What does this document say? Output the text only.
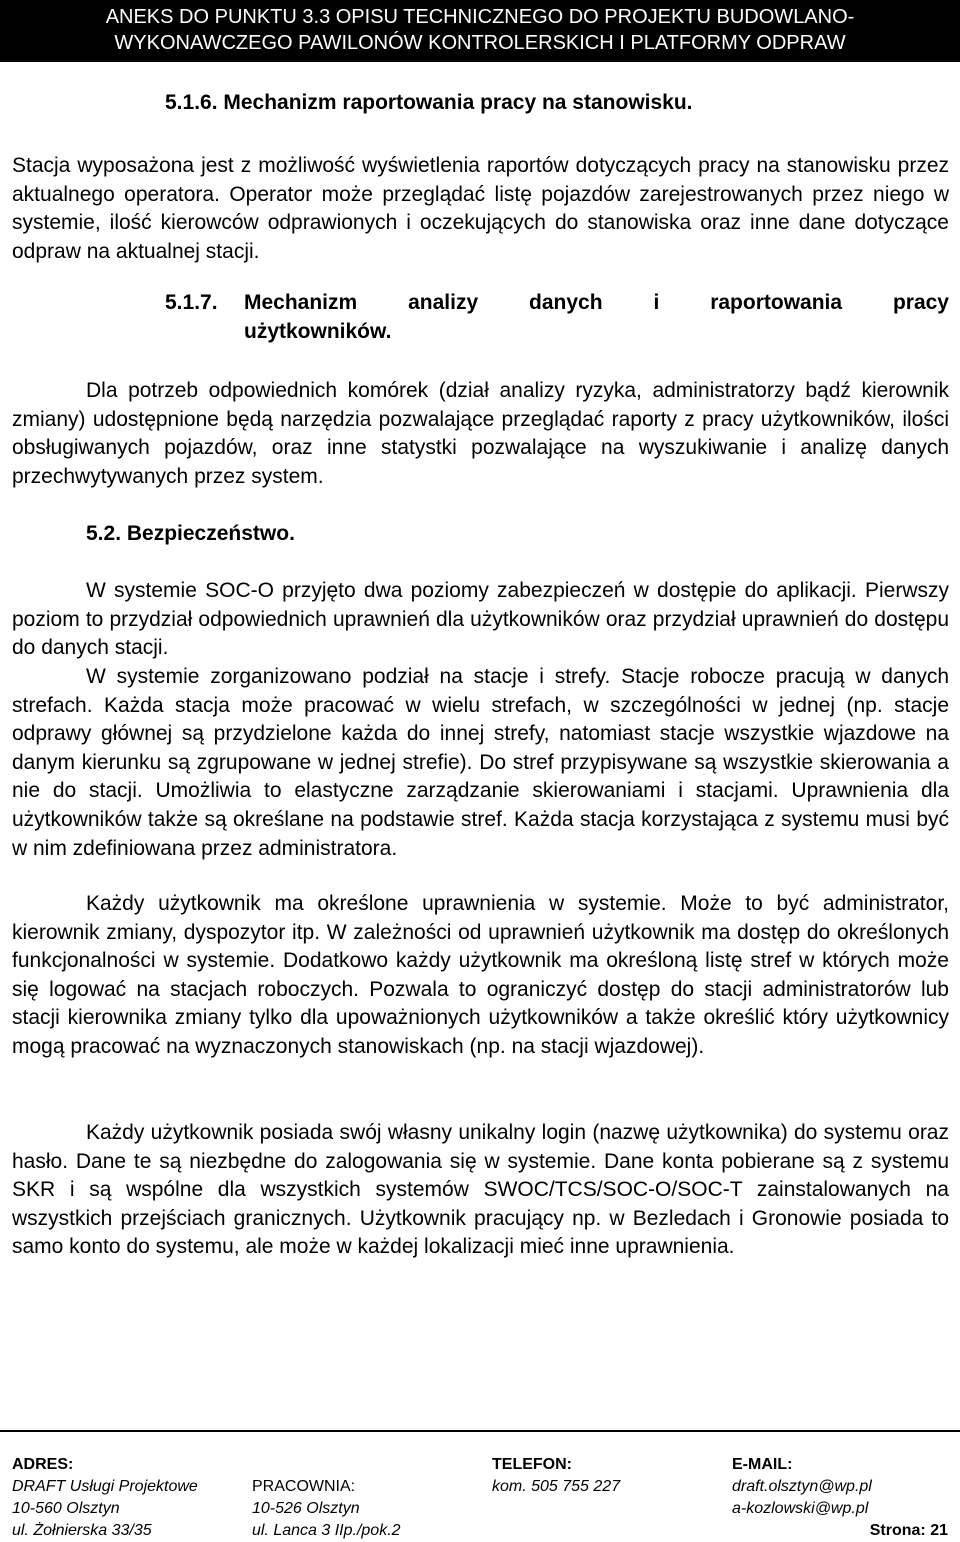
ANEKS DO PUNKTU 3.3 OPISU TECHNICZNEGO DO PROJEKTU BUDOWLANO-
WYKONAWCZEGO PAWILONÓW KONTROLERSKICH I PLATFORMY ODPRAW
5.1.6. Mechanizm raportowania pracy na stanowisku.
Stacja wyposażona jest z możliwość wyświetlenia raportów dotyczących pracy na stanowisku przez aktualnego operatora. Operator może przeglądać listę pojazdów zarejestrowanych przez niego w systemie, ilość kierowców odprawionych i oczekujących do stanowiska oraz inne dane dotyczące odpraw na aktualnej stacji.
5.1.7. Mechanizm analizy danych i raportowania pracy
użytkowników.
Dla potrzeb odpowiednich komórek (dział analizy ryzyka, administratorzy bądź kierownik zmiany) udostępnione będą narzędzia pozwalające przeglądać raporty z pracy użytkowników, ilości obsługiwanych pojazdów, oraz inne statystki pozwalające na wyszukiwanie i analizę danych przechwytywanych przez system.
5.2. Bezpieczeństwo.
W systemie SOC-O przyjęto dwa poziomy zabezpieczeń w dostępie do aplikacji. Pierwszy poziom to przydział odpowiednich uprawnień dla użytkowników oraz przydział uprawnień do dostępu do danych stacji.
W systemie zorganizowano podział na stacje i strefy. Stacje robocze pracują w danych strefach. Każda stacja może pracować w wielu strefach, w szczególności w jednej (np. stacje odprawy głównej są przydzielone każda do innej strefy, natomiast stacje wszystkie wjazdowe na danym kierunku są zgrupowane w jednej strefie). Do stref przypisywane są wszystkie skierowania a nie do stacji. Umożliwia to elastyczne zarządzanie skierowaniami i stacjami. Uprawnienia dla użytkowników także są określane na podstawie stref. Każda stacja korzystająca z systemu musi być w nim zdefiniowana przez administratora.
Każdy użytkownik ma określone uprawnienia w systemie. Może to być administrator, kierownik zmiany, dyspozytor itp. W zależności od uprawnień użytkownik ma dostęp do określonych funkcjonalności w systemie. Dodatkowo każdy użytkownik ma określoną listę stref w których może się logować na stacjach roboczych. Pozwala to ograniczyć dostęp do stacji administratorów lub stacji kierownika zmiany tylko dla upoważnionych użytkowników a także określić który użytkownicy mogą pracować na wyznaczonych stanowiskach (np. na stacji wjazdowej).
Każdy użytkownik posiada swój własny unikalny login (nazwę użytkownika) do systemu oraz hasło. Dane te są niezbędne do zalogowania się w systemie. Dane konta pobierane są z systemu SKR i są wspólne dla wszystkich systemów SWOC/TCS/SOC-O/SOC-T zainstalowanych na wszystkich przejściach granicznych. Użytkownik pracujący np. w Bezledach i Gronowie posiada to samo konto do systemu, ale może w każdej lokalizacji mieć inne uprawnienia.
ADRES:
DRAFT Usługi Projektowe
10-560 Olsztyn
ul. Żołnierska 33/35
PRACOWNIA:
10-526 Olsztyn
ul. Lanca 3 IIp./pok.2
TELEFON:
kom. 505 755 227
E-MAIL:
draft.olsztyn@wp.pl
a-kozlowski@wp.pl
Strona: 21
